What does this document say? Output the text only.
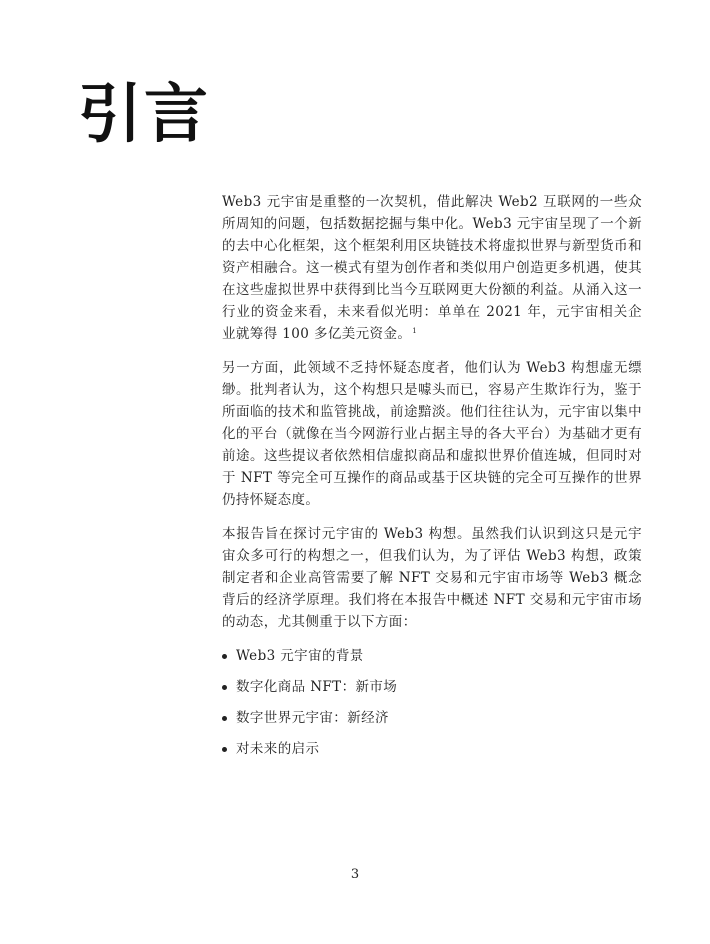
引言

Web3 元宇宙是重整的一次契机，借此解决 Web2 互联网的一些众所周知的问题，包括数据挖掘与集中化。Web3 元宇宙呈现了一个新的去中心化框架，这个框架利用区块链技术将虚拟世界与新型货币和资产相融合。这一模式有望为创作者和类似用户创造更多机遇，使其在这些虚拟世界中获得到比当今互联网更大份额的利益。从涌入这一行业的资金来看，未来看似光明：单单在 2021 年，元宇宙相关企业就筹得 100 多亿美元资金。$^1$

另一方面，此领域不乏持怀疑态度者，他们认为 Web3 构想虚无缥缈。批判者认为，这个构想只是噱头而已，容易产生欺诈行为，鉴于所面临的技术和监管挑战，前途黯淡。他们往往认为，元宇宙以集中化的平台（就像在当今网游行业占据主导的各大平台）为基础才更有前途。这些提议者依然相信虚拟商品和虚拟世界价值连城，但同时对于 NFT 等完全可互操作的商品或基于区块链的完全可互操作的世界仍持怀疑态度。

本报告旨在探讨元宇宙的 Web3 构想。虽然我们认识到这只是元宇宙众多可行的构想之一，但我们认为，为了评估 Web3 构想，政策制定者和企业高管需要了解 NFT 交易和元宇宙市场等 Web3 概念背后的经济学原理。我们将在本报告中概述 NFT 交易和元宇宙市场的动态，尤其侧重于以下方面：

Web3 元宇宙的背景
数字化商品 NFT：新市场
数字世界元宇宙：新经济
对未来的启示
3
